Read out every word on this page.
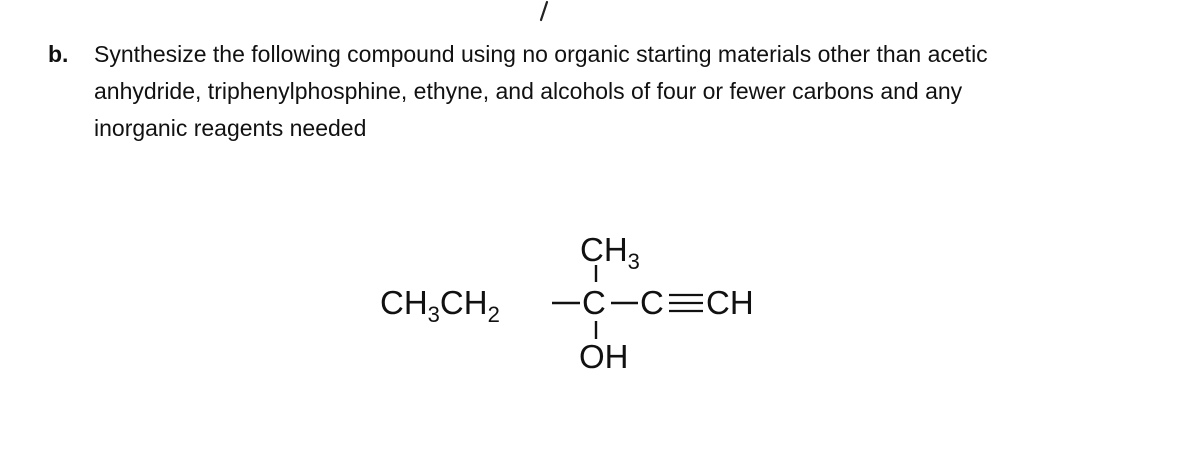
b.	Synthesize the following compound using no organic starting materials other than acetic
anhydride, triphenylphosphine, ethyne, and alcohols of four or fewer carbons and any
inorganic reagents needed
$CH_3$
$CH_3CH_2$ C C CH
OH
